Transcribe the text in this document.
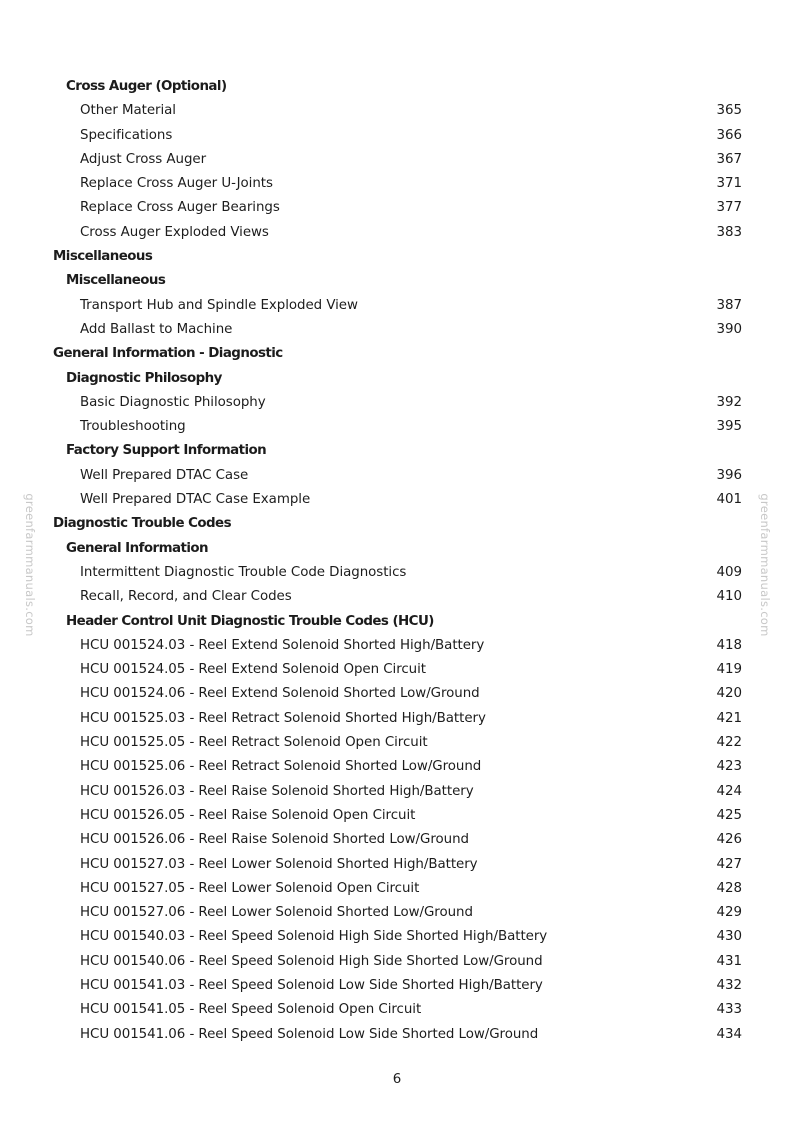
Cross Auger (Optional)
Other Material	365
Specifications	366
Adjust Cross Auger	367
Replace Cross Auger U-Joints	371
Replace Cross Auger Bearings	377
Cross Auger Exploded Views	383
Miscellaneous
Miscellaneous
Transport Hub and Spindle Exploded View	387
Add Ballast to Machine	390
General Information - Diagnostic
Diagnostic Philosophy
Basic Diagnostic Philosophy	392
Troubleshooting	395
Factory Support Information
Well Prepared DTAC Case	396
Well Prepared DTAC Case Example	401
Diagnostic Trouble Codes
General Information
Intermittent Diagnostic Trouble Code Diagnostics	409
Recall, Record, and Clear Codes	410
Header Control Unit Diagnostic Trouble Codes (HCU)
HCU 001524.03 - Reel Extend Solenoid Shorted High/Battery	418
HCU 001524.05 - Reel Extend Solenoid Open Circuit	419
HCU 001524.06 - Reel Extend Solenoid Shorted Low/Ground	420
HCU 001525.03 - Reel Retract Solenoid Shorted High/Battery	421
HCU 001525.05 - Reel Retract Solenoid Open Circuit	422
HCU 001525.06 - Reel Retract Solenoid Shorted Low/Ground	423
HCU 001526.03 - Reel Raise Solenoid Shorted High/Battery	424
HCU 001526.05 - Reel Raise Solenoid Open Circuit	425
HCU 001526.06 - Reel Raise Solenoid Shorted Low/Ground	426
HCU 001527.03 - Reel Lower Solenoid Shorted High/Battery	427
HCU 001527.05 - Reel Lower Solenoid Open Circuit	428
HCU 001527.06 - Reel Lower Solenoid Shorted Low/Ground	429
HCU 001540.03 - Reel Speed Solenoid High Side Shorted High/Battery	430
HCU 001540.06 - Reel Speed Solenoid High Side Shorted Low/Ground	431
HCU 001541.03 - Reel Speed Solenoid Low Side Shorted High/Battery	432
HCU 001541.05 - Reel Speed Solenoid Open Circuit	433
HCU 001541.06 - Reel Speed Solenoid Low Side Shorted Low/Ground	434
6
greenfarmmanuals.com	greenfarmmanuals.com
